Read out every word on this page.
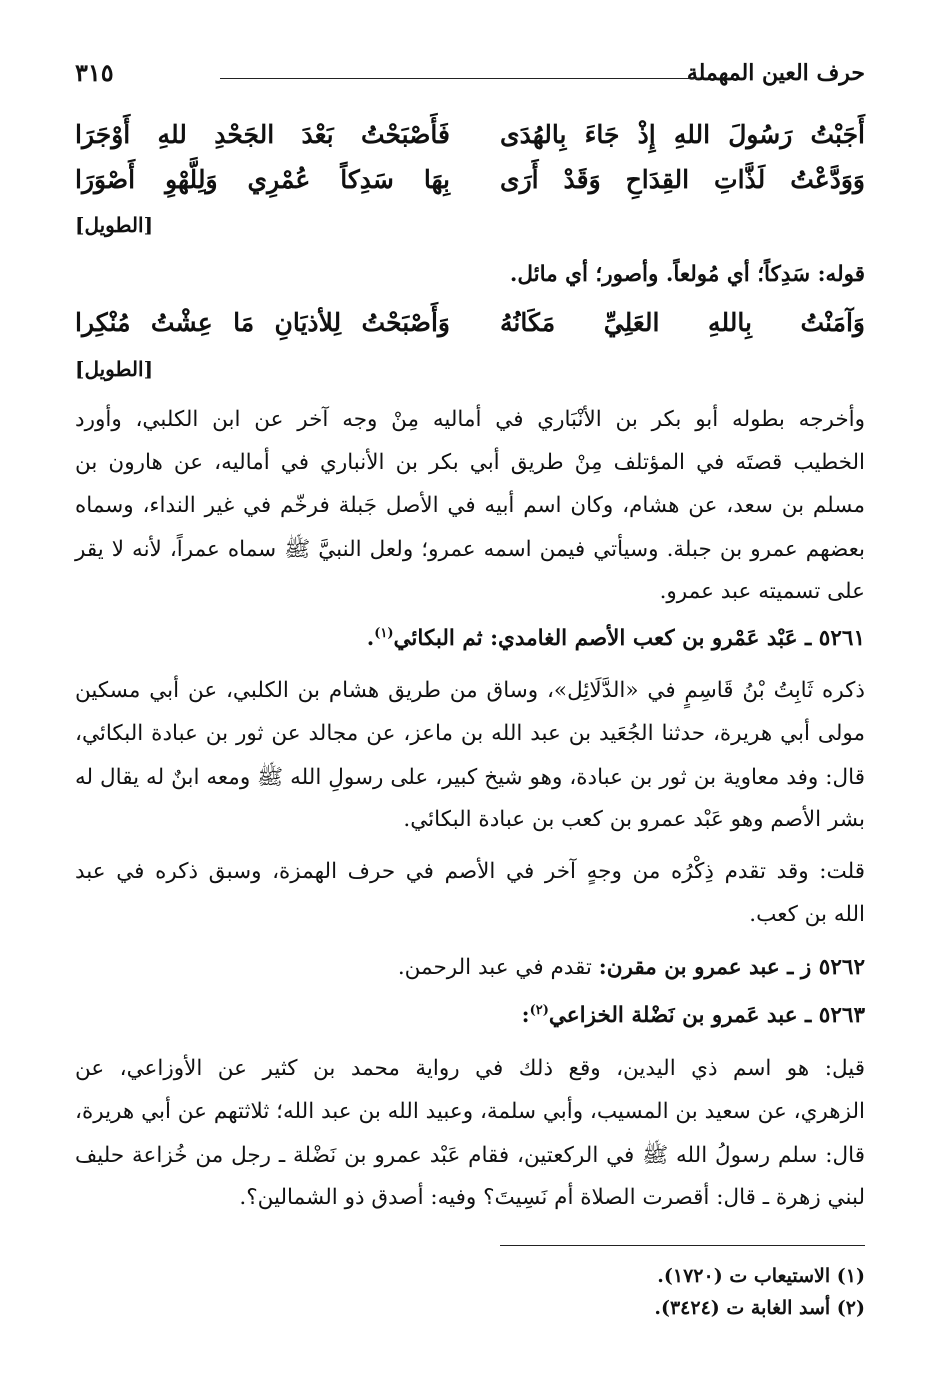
حرف العين المهملة
٣١٥
أَجَبْتُ رَسُولَ اللهِ إِذْ جَاءَ بِالهُدَى
فَأَصْبَحْتُ بَعْدَ الجَحْدِ للهِ أَوْجَرَا
وَوَدَّعْتُ لَذَّاتِ القِدَاحِ وَقَدْ أَرَى
بِهَا سَدِكاً عُمْرِي وَلِلَّهْوِ أَصْوَرَا
[الطويل]
قوله: سَدِكاً؛ أي مُولعاً. وأصور؛ أي مائل.
وَآمَنْتُ بِاللهِ العَلِيِّ مَكَانُهُ
وَأَصْبَحْتُ لِلأذيَانِ مَا عِشْتُ مُنْكِرا
[الطويل]
وأخرجه بطوله أبو بكر بن الأنْبَاري في أماليه مِنْ وجه آخر عن ابن الكلبي، وأورد
الخطيب قصتَه في المؤتلف مِنْ طريق أبي بكر بن الأنباري في أماليه، عن هارون بن
مسلم بن سعد، عن هشام، وكان اسم أبيه في الأصل جَبلة فرخّم في غير النداء، وسماه
بعضهم عمرو بن جبلة. وسيأتي فيمن اسمه عمرو؛ ولعل النبيَّ ﷺ سماه عمراً، لأنه لا يقر
على تسميته عبد عمرو.
٥٢٦١ ـ عَبْد عَمْرو بن كعب الأصم الغامدي: ثم البكائي$^{(١)}$.
ذكره ثَابِتُ بْنُ قَاسِمٍ في «الدَّلَائِل»، وساق من طريق هشام بن الكلبي، عن أبي مسكين
مولى أبي هريرة، حدثنا الجُعَيد بن عبد الله بن ماعز، عن مجالد عن ثور بن عبادة البكائي،
قال: وفد معاوية بن ثور بن عبادة، وهو شيخ كبير، على رسولِ الله ﷺ ومعه ابنٌ له يقال له
بشر الأصم وهو عَبْد عمرو بن كعب بن عبادة البكائي.
قلت: وقد تقدم ذِكْرُه من وجهٍ آخر في الأصم في حرف الهمزة، وسبق ذكره في عبد
الله بن كعب.
٥٢٦٢ ز ـ عبد عمرو بن مقرن: تقدم في عبد الرحمن.
٥٢٦٣ ـ عبد عَمرو بن نَضْلة الخزاعي$^{(٢)}$:
قيل: هو اسم ذي اليدين، وقع ذلك في رواية محمد بن كثير عن الأوزاعي، عن
الزهري، عن سعيد بن المسيب، وأبي سلمة، وعبيد الله بن عبد الله؛ ثلاثتهم عن أبي هريرة،
قال: سلم رسولُ الله ﷺ في الركعتين، فقام عَبْد عمرو بن نَضْلة ـ رجل من خُزاعة حليف
لبني زهرة ـ قال: أقصرت الصلاة أم نَسِيتَ؟ وفيه: أصدق ذو الشمالين؟.
(١) الاستيعاب ت (١٧٢٠).
(٢) أسد الغابة ت (٣٤٢٤).
